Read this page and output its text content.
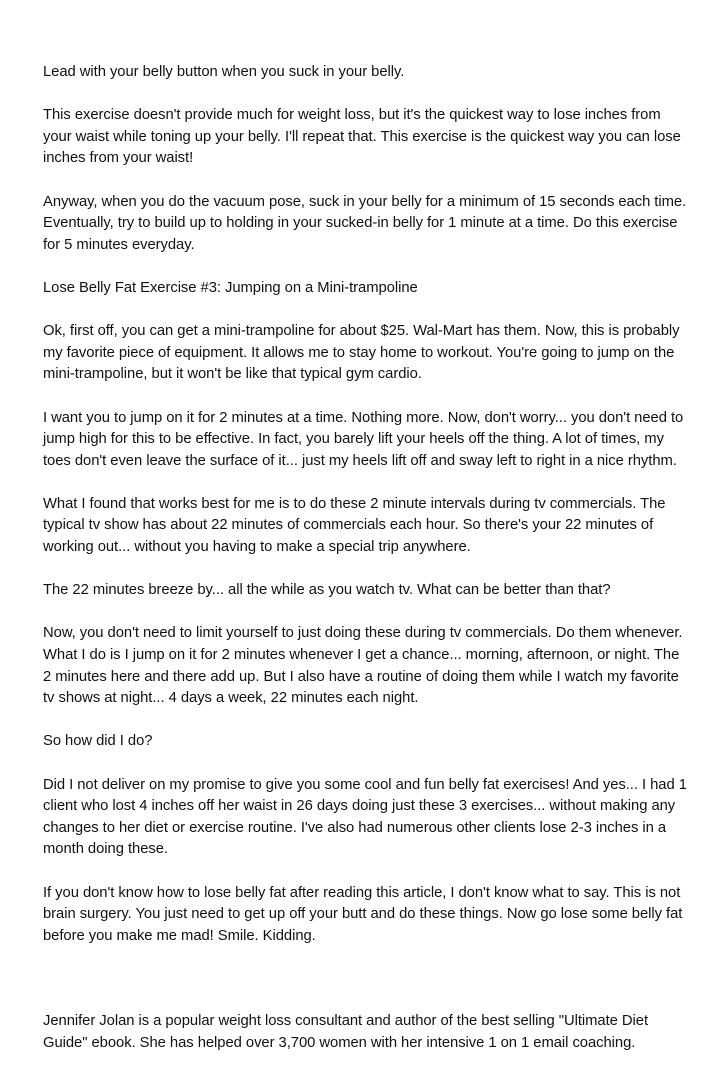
Lead with your belly button when you suck in your belly.

This exercise doesn't provide much for weight loss, but it's the quickest way to lose inches from your waist while toning up your belly. I'll repeat that. This exercise is the quickest way you can lose inches from your waist!

Anyway, when you do the vacuum pose, suck in your belly for a minimum of 15 seconds each time. Eventually, try to build up to holding in your sucked-in belly for 1 minute at a time. Do this exercise for 5 minutes everyday.

Lose Belly Fat Exercise #3: Jumping on a Mini-trampoline

Ok, first off, you can get a mini-trampoline for about $25. Wal-Mart has them. Now, this is probably my favorite piece of equipment. It allows me to stay home to workout. You're going to jump on the mini-trampoline, but it won't be like that typical gym cardio.

I want you to jump on it for 2 minutes at a time. Nothing more. Now, don't worry... you don't need to jump high for this to be effective. In fact, you barely lift your heels off the thing. A lot of times, my toes don't even leave the surface of it... just my heels lift off and sway left to right in a nice rhythm.

What I found that works best for me is to do these 2 minute intervals during tv commercials. The typical tv show has about 22 minutes of commercials each hour. So there's your 22 minutes of working out... without you having to make a special trip anywhere.

The 22 minutes breeze by... all the while as you watch tv. What can be better than that?

Now, you don't need to limit yourself to just doing these during tv commercials. Do them whenever. What I do is I jump on it for 2 minutes whenever I get a chance... morning, afternoon, or night. The 2 minutes here and there add up. But I also have a routine of doing them while I watch my favorite tv shows at night... 4 days a week, 22 minutes each night.

So how did I do?

Did I not deliver on my promise to give you some cool and fun belly fat exercises! And yes... I had 1 client who lost 4 inches off her waist in 26 days doing just these 3 exercises... without making any changes to her diet or exercise routine. I've also had numerous other clients lose 2-3 inches in a month doing these.

If you don't know how to lose belly fat after reading this article, I don't know what to say. This is not brain surgery. You just need to get up off your butt and do these things. Now go lose some belly fat before you make me mad! Smile. Kidding.

Jennifer Jolan is a popular weight loss consultant and author of the best selling "Ultimate Diet Guide" ebook. She has helped over 3,700 women with her intensive 1 on 1 email coaching.
